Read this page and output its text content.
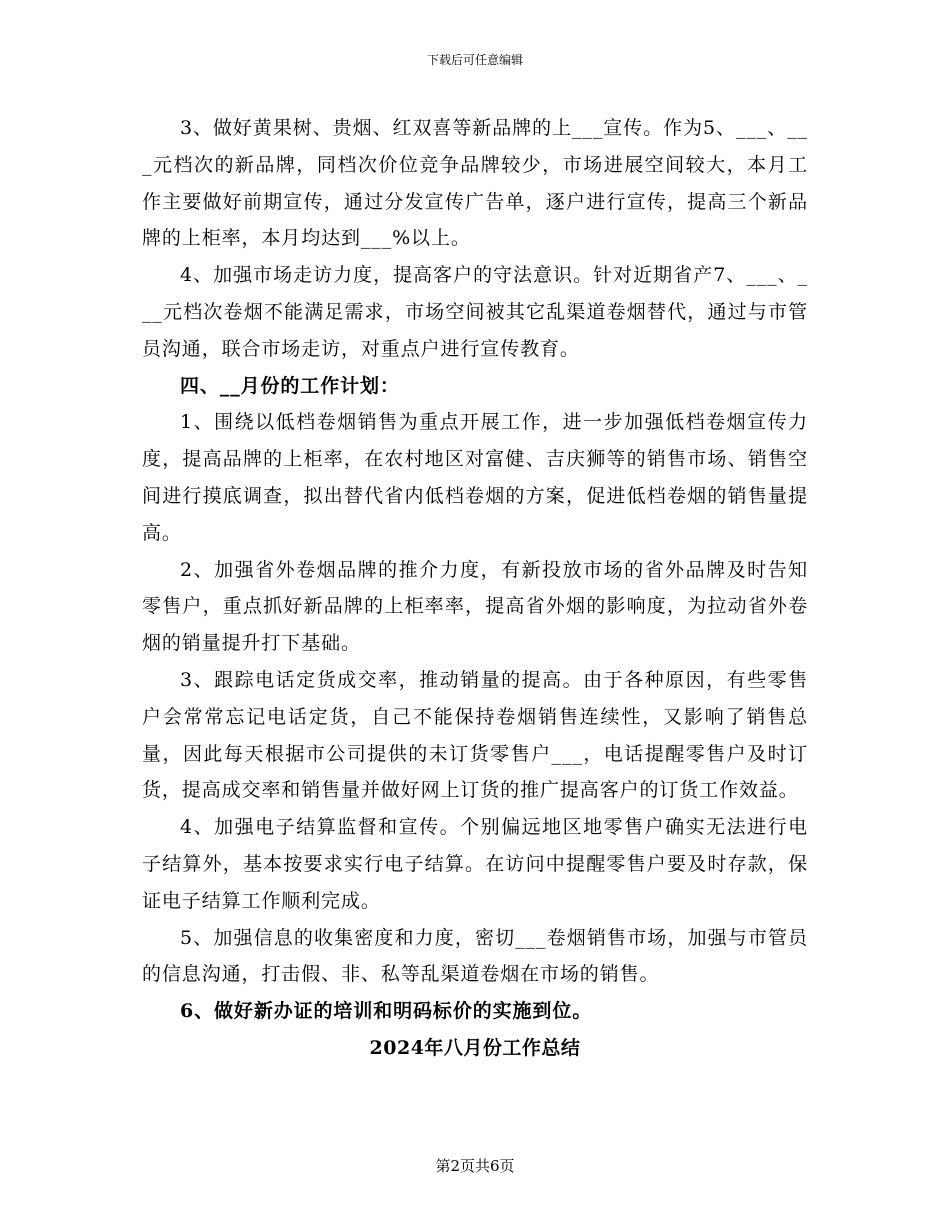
下载后可任意编辑

3、做好黄果树、贵烟、红双喜等新品牌的上___宣传。作为5、___、___元档次的新品牌，同档次价位竞争品牌较少，市场进展空间较大，本月工作主要做好前期宣传，通过分发宣传广告单，逐户进行宣传，提高三个新品牌的上柜率，本月均达到___%以上。

4、加强市场走访力度，提高客户的守法意识。针对近期省产7、___、___元档次卷烟不能满足需求，市场空间被其它乱渠道卷烟替代，通过与市管员沟通，联合市场走访，对重点户进行宣传教育。

四、__月份的工作计划：

1、围绕以低档卷烟销售为重点开展工作，进一步加强低档卷烟宣传力度，提高品牌的上柜率，在农村地区对富健、吉庆狮等的销售市场、销售空间进行摸底调查，拟出替代省内低档卷烟的方案，促进低档卷烟的销售量提高。

2、加强省外卷烟品牌的推介力度，有新投放市场的省外品牌及时告知零售户，重点抓好新品牌的上柜率率，提高省外烟的影响度，为拉动省外卷烟的销量提升打下基础。

3、跟踪电话定货成交率，推动销量的提高。由于各种原因，有些零售户会常常忘记电话定货，自己不能保持卷烟销售连续性，又影响了销售总量，因此每天根据市公司提供的未订货零售户___，电话提醒零售户及时订货，提高成交率和销售量并做好网上订货的推广提高客户的订货工作效益。

4、加强电子结算监督和宣传。个别偏远地区地零售户确实无法进行电子结算外，基本按要求实行电子结算。在访问中提醒零售户要及时存款，保证电子结算工作顺利完成。

5、加强信息的收集密度和力度，密切___卷烟销售市场，加强与市管员的信息沟通，打击假、非、私等乱渠道卷烟在市场的销售。

6、做好新办证的培训和明码标价的实施到位。

2024年八月份工作总结

第2页共6页
